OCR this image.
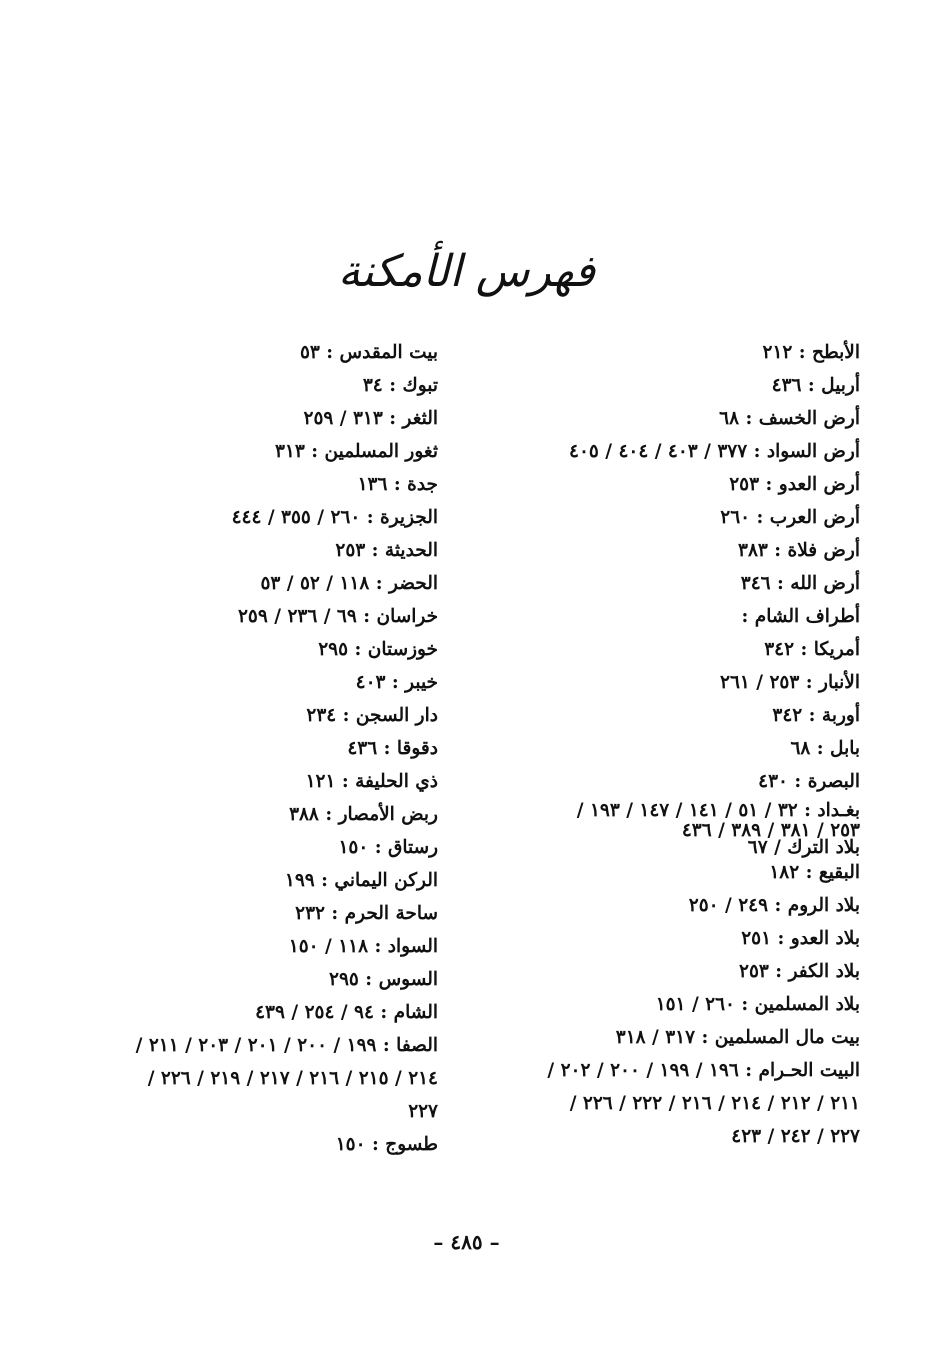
فهرس الأمكنة
الأبطح : ٢١٢
أربيل : ٤٣٦
أرض الخسف : ٦٨
أرض السواد : ٣٧٧ / ٤٠٣ / ٤٠٤ / ٤٠٥
أرض العدو : ٢٥٣
أرض العرب : ٢٦٠
أرض فلاة : ٣٨٣
أرض الله : ٣٤٦
أطراف الشام :
أمريكا : ٣٤٢
الأنبار : ٢٥٣ / ٢٦١
أوربة : ٣٤٢
بابل : ٦٨
البصرة : ٤٣٠
بغـداد : ٣٢ / ٥١ / ١٤١ / ١٤٧ / ١٩٣ /
٢٥٣ / ٣٨١ / ٣٨٩ / ٤٣٦
بلاد الترك / ٦٧
البقيع : ١٨٢
بلاد الروم : ٢٤٩ / ٢٥٠
بلاد العدو : ٢٥١
بلاد الكفر : ٢٥٣
بلاد المسلمين : ٢٦٠ / ١٥١
بيت مال المسلمين : ٣١٧ / ٣١٨
البيت الحـرام : ١٩٦ / ١٩٩ / ٢٠٠ / ٢٠٢ /
٢١١ / ٢١٢ / ٢١٤ / ٢١٦ / ٢٢٢ / ٢٢٦ /
٢٢٧ / ٢٤٢ / ٤٢٣
بيت المقدس : ٥٣
تبوك : ٣٤
الثغر : ٣١٣ / ٢٥٩
ثغور المسلمين : ٣١٣
جدة : ١٣٦
الجزيرة : ٢٦٠ / ٣٥٥ / ٤٤٤
الحديثة : ٢٥٣
الحضر : ١١٨ / ٥٢ / ٥٣
خراسان : ٦٩ / ٢٣٦ / ٢٥٩
خوزستان : ٢٩٥
خيبر : ٤٠٣
دار السجن : ٢٣٤
دقوقا : ٤٣٦
ذي الحليفة : ١٢١
ربض الأمصار : ٣٨٨
رستاق : ١٥٠
الركن اليماني : ١٩٩
ساحة الحرم : ٢٣٢
السواد : ١١٨ / ١٥٠
السوس : ٢٩٥
الشام : ٩٤ / ٢٥٤ / ٤٣٩
الصفا : ١٩٩ / ٢٠٠ / ٢٠١ / ٢٠٣ / ٢١١ /
٢١٤ / ٢١٥ / ٢١٦ / ٢١٧ / ٢١٩ / ٢٢٦ /
٢٢٧
طسوج : ١٥٠
– ٤٨٥ –
